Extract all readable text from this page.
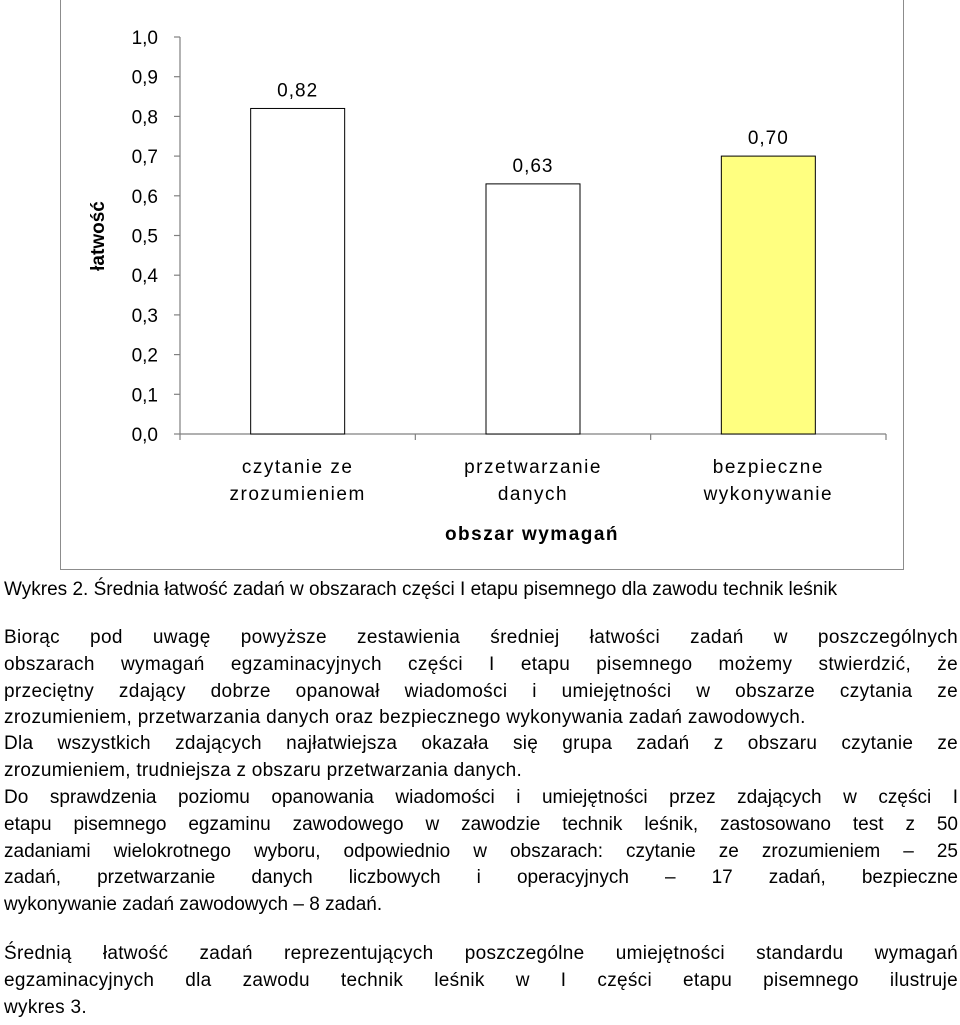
0,0
0,1
0,2
0,3
0,4
0,5
0,6
0,7
0,8
0,9
1,0
0,82
0,63
0,70
czytanie ze
zrozumieniem
przetwarzanie
danych
bezpieczne
wykonywanie
łatwość
obszar wymagań
Wykres 2. Średnia łatwość zadań w obszarach części I etapu pisemnego dla zawodu technik leśnik
Biorąc pod uwagę powyższe zestawienia średniej łatwości zadań w poszczególnych
obszarach wymagań egzaminacyjnych części I etapu pisemnego możemy stwierdzić, że
przeciętny zdający dobrze opanował wiadomości i umiejętności w obszarze czytania ze
zrozumieniem, przetwarzania danych oraz bezpiecznego wykonywania zadań zawodowych.
Dla wszystkich zdających najłatwiejsza okazała się grupa zadań z obszaru czytanie ze
zrozumieniem, trudniejsza z obszaru przetwarzania danych.
Do sprawdzenia poziomu opanowania wiadomości i umiejętności przez zdających w części I
etapu pisemnego egzaminu zawodowego w zawodzie technik leśnik, zastosowano test z 50
zadaniami wielokrotnego wyboru, odpowiednio w obszarach: czytanie ze zrozumieniem – 25
zadań, przetwarzanie danych liczbowych i operacyjnych – 17 zadań, bezpieczne
wykonywanie zadań zawodowych – 8 zadań.
Średnią łatwość zadań reprezentujących poszczególne umiejętności standardu wymagań
egzaminacyjnych dla zawodu technik leśnik w I części etapu pisemnego ilustruje
wykres 3.
